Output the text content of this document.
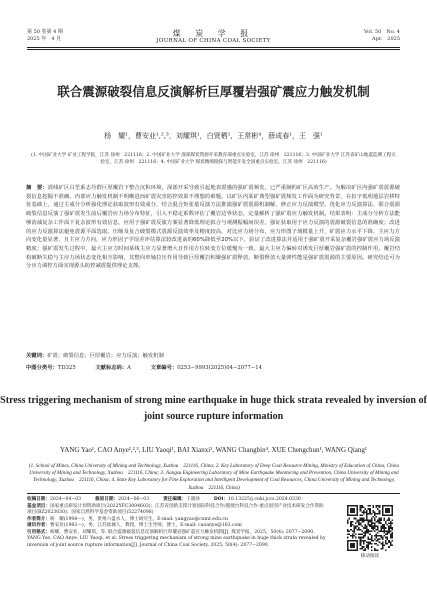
第 50 卷第 4 期
2025 年　4 月
煤 炭 学 报
JOURNAL OF CHINA COAL SOCIETY
Vol. 50　No. 4
Apr.　2025
联合震源破裂信息反演解析巨厚覆岩强矿震应力触发机制
杨　耀¹，曹安业¹,²,³，刘耀琪¹，白贤栖¹，王常彬⁴，薛成春¹，王　强¹
(1. 中国矿业大学 矿业工程学院，江苏 徐州　221116；2. 中国矿业大学 深部煤炭资源开采教育部重点实验室，江苏 徐州　221116；3. 中国矿业大学 江苏省矿山地震监测工程实验室，江苏 徐州　221116；4. 中国矿业大学 煤炭精细勘探与智能开发全国重点实验室，江苏 徐州　221116)
摘　要：震线矿区白垩系志丹群巨厚覆岩下整合沉积环境，深部开采导致引起地表震感的强矿震频发，已严重制约矿区高效生产。为解决矿区内强矿震震源破裂信息挖掘不准确、内部应力触发机制不明晰进而矿震灾害防控效果不理想的难题，以矿区内某矿典型强矿震频发工作面为研究背景，在扣字低明地层岩移特征基础上，通过主成分分析强化理论获取波形有效成分，结合混合矩张量反演方法推演强矿震震源机制解，修正应力反演模型、优化应力反演算法，联合震源破裂信息反演了强矿震发生前后覆岩应力场分布特征，引入不稳定系数评估了覆岩边界状态，定量解析了强矿震应力触发机制。结果表明：主成分分析方法能够消减复杂工作面下复杂波形有效信息，应用于强矿震反演方案显著降低理论拟合与观测振幅间误差，强证获取用于应力反演的震源破裂信息的准确度；改进的应力反演算法避免震源平面选取、压缩及复合破裂模式震源反演效率及精度较高，对比应力场分布，应力形图子域模量上升，矿震应力水平下降，主应力方向变化量显著，且主应力方向，应力形因子学误差评估算法较改进前的60%降低至20%以下，验证了改进算法并适用于强矿震开采复杂覆岩强矿震应力场反演精度；强矿震发生过程中，最大主应力时间某线主应力显著增大且作用方位转变方位缓慢为一致，最大主应力偏转对诱发巨厚覆岩强矿震的控制作用，覆岩结构破断失稳与主应力场状态变化相互影响，其整向单轴拉压作用导致巨厚覆岩积聚强矿震释放，断裂释放大量弹性能是强矿震震源的主要原因。研究结论可为分应力调控方面实现源头防控减震提供理论支撑。
关键词：矿震；破裂信息；巨厚覆岩；应力反演；触发机制
中图分类号：TD325	文献标志码：A	文章编号：0253−9993(2025)04−2077−14
Stress triggering mechanism of strong mine earthquake in huge thick strata revealed by inversion of joint source rupture information
YANG Yao¹, CAO Anye¹,²,³, LIU Yaoqi¹, BAI Xianxi¹, WANG Changbin⁴, XUE Chengchun¹, WANG Qiang¹
(1. School of Mines, China University of Mining and Technology, Xuzhou　221116, China; 2. Key Laboratory of Deep Coal Resource Mining, Ministry of Education of China, China University of Mining and Technology, Xuzhou　221116, China; 3. Jiangsu Engineering Laboratory of Mine Earthquake Monitoring and Prevention, China University of Mining and Technology, Xuzhou　221116, China; 4. State Key Laboratory for Fine Exploration and Intelligent Development of Coal Resources, China University of Mining and Technology, Xuzhou　221116, China)
收稿日期：2024−04−03	修回日期：2024−06−03	责任编辑：王晓珍	DOI：10.13225/j.cnki.jccs.2024.0330
基金项目：国家重点研发计划资助项目(2022YFC3004603)；江苏省创新支撑计划国际科技合作/港澳台科技合作-重点国别产业技术研发合作资助项目(BZ2023030)；国家自然科学基金资助项目(52274098)
作者简介：杨　耀(1998—)，男，贵州六盘水人，博士研究生。E-mail: yangyao@cumt.edu.cn
通讯作者：曹安业(1982—)，男，江苏盐城人，教授，博士生导师，博士。E-mail: caoanye@163.com
引用格式：杨耀，曹安业，刘耀琪，等. 联合震源破裂信息反演解析巨厚覆岩强矿震应力触发机制[J]. 煤炭学报，2025，50(4): 2077−2090.
YANG Yao, CAO Anye, LIU Yaoqi, et al. Stress triggering mechanism of strong mine earthquake in huge thick strata revealed by inversion of joint source rupture information[J]. Journal of China Coal Society, 2025, 50(4): 2077−2090.
移动阅读
